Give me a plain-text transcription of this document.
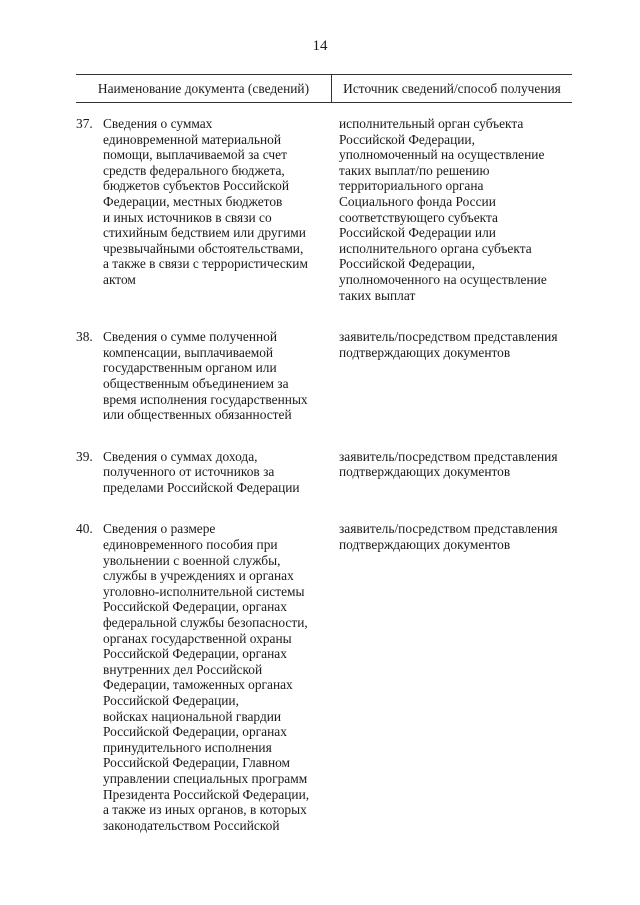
14
Наименование документа (сведений)	Источник сведений/способ получения
37. Сведения о суммах
единовременной материальной
помощи, выплачиваемой за счет
средств федерального бюджета,
бюджетов субъектов Российской
Федерации, местных бюджетов
и иных источников в связи со
стихийным бедствием или другими
чрезвычайными обстоятельствами,
а также в связи с террористическим
актом
исполнительный орган субъекта
Российской Федерации,
уполномоченный на осуществление
таких выплат/по решению
территориального органа
Социального фонда России
соответствующего субъекта
Российской Федерации или
исполнительного органа субъекта
Российской Федерации,
уполномоченного на осуществление
таких выплат
38. Сведения о сумме полученной
компенсации, выплачиваемой
государственным органом или
общественным объединением за
время исполнения государственных
или общественных обязанностей
заявитель/посредством представления
подтверждающих документов
39. Сведения о суммах дохода,
полученного от источников за
пределами Российской Федерации
заявитель/посредством представления
подтверждающих документов
40. Сведения о размере
единовременного пособия при
увольнении с военной службы,
службы в учреждениях и органах
уголовно-исполнительной системы
Российской Федерации, органах
федеральной службы безопасности,
органах государственной охраны
Российской Федерации, органах
внутренних дел Российской
Федерации, таможенных органах
Российской Федерации,
войсках национальной гвардии
Российской Федерации, органах
принудительного исполнения
Российской Федерации, Главном
управлении специальных программ
Президента Российской Федерации,
а также из иных органов, в которых
законодательством Российской
заявитель/посредством представления
подтверждающих документов
